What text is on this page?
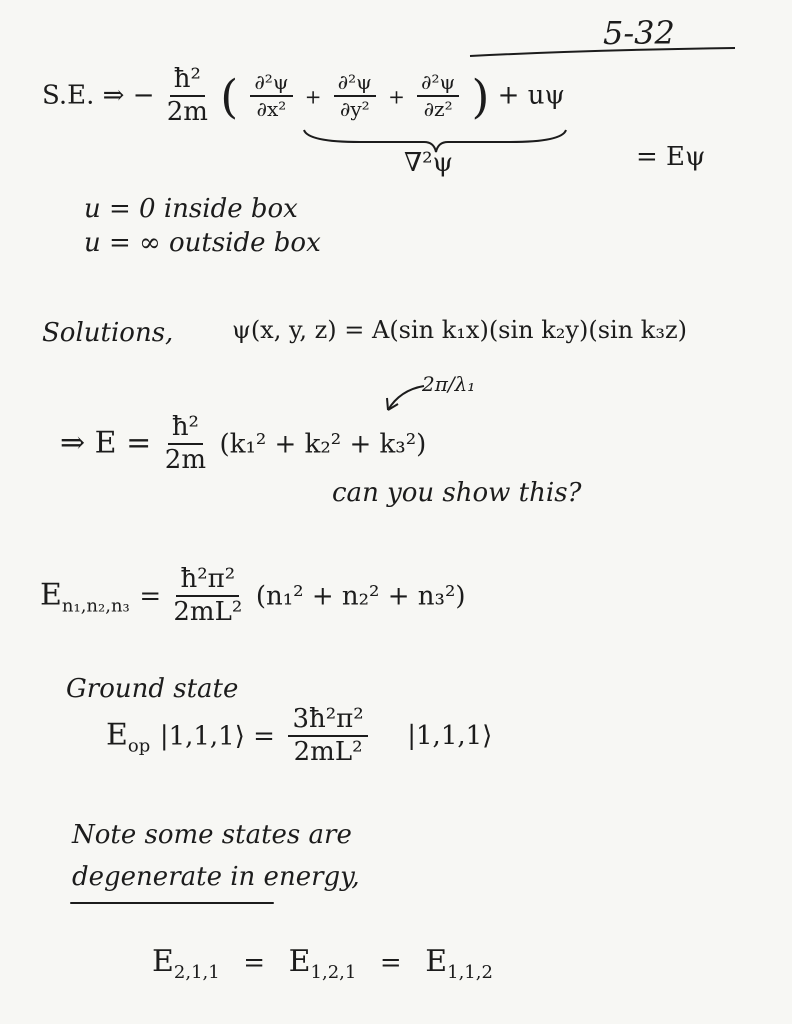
5-32
S.E. ⇒ − $\frac{\text{ħ²}}{2m}$ ( $\frac{\text{∂²ψ}}{\text{∂x²}} + \frac{\text{∂²ψ}}{\text{∂y²}} + \frac{\text{∂²ψ}}{\text{∂z²}}$ ) + uψ
∇²ψ	= Eψ
u = 0 inside box
u = ∞ outside box
Solutions, ψ(x, y, z) = A(sin k₁x)(sin k₂y)(sin k₃z)
2π/λ₁
⇒ $E = \frac{\text{ħ²}}{2m} (k_1^2 + k_2^2 + k_3^2)$
can you show this?
$E_{n_1,n_2,n_3} = \frac{\text{ħ²π²}}{\text{2mL²}} (n_1^2 + n_2^2 + n_3^2)$
Ground state
$E_{op}$ |1,1,1⟩ = $\frac{\text{3ħ²π²}}{\text{2mL²}}$ |1,1,1⟩
Note some states are
degenerate in energy,
$E_{2,1,1} = E_{1,2,1} = E_{1,1,2}$
